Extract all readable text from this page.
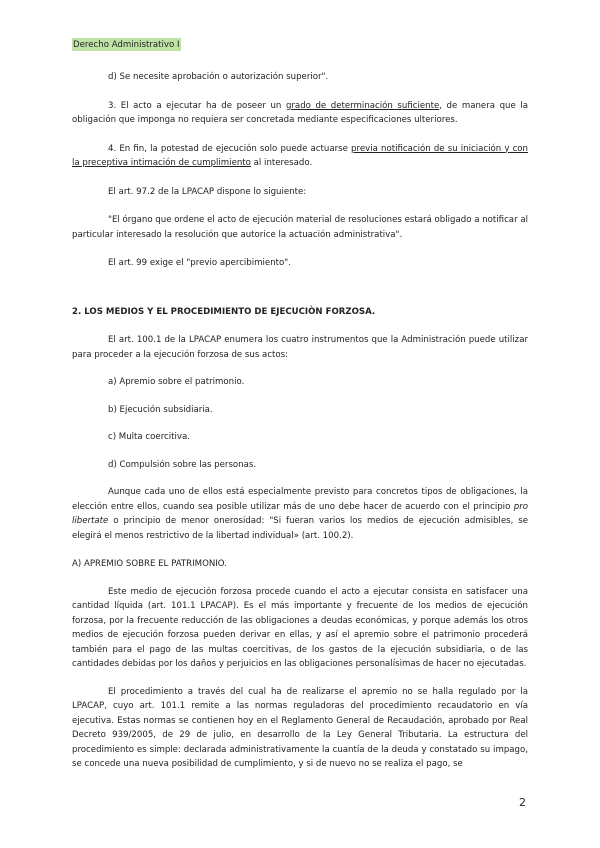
Derecho Administrativo I

d) Se necesite aprobación o autorización superior".

3. El acto a ejecutar ha de poseer un grado de determinación suficiente, de manera que la obligación que imponga no requiera ser concretada mediante especificaciones ulteriores.

4. En fin, la potestad de ejecución solo puede actuarse previa notificación de su iniciación y con la preceptiva intimación de cumplimiento al interesado.

El art. 97.2 de la LPACAP dispone lo siguiente:

"El órgano que ordene el acto de ejecución material de resoluciones estará obligado a notificar al particular interesado la resolución que autorice la actuación administrativa".

El art. 99 exige el "previo apercibimiento".

2. LOS MEDIOS Y EL PROCEDIMIENTO DE EJECUCIÒN FORZOSA.

El art. 100.1 de la LPACAP enumera los cuatro instrumentos que la Administración puede utilizar para proceder a la ejecución forzosa de sus actos:

a) Apremio sobre el patrimonio.

b) Ejecución subsidiaria.

c) Multa coercitiva.

d) Compulsión sobre las personas.

Aunque cada uno de ellos está especialmente previsto para concretos tipos de obligaciones, la elección entre ellos, cuando sea posible utilizar más de uno debe hacer de acuerdo con el principio pro libertate o principio de menor onerosidad: "Si fueran varios los medios de ejecución admisibles, se elegirá el menos restrictivo de la libertad individual» (art. 100.2).

A) APREMIO SOBRE EL PATRIMONIO.

Este medio de ejecución forzosa procede cuando el acto a ejecutar consista en satisfacer una cantidad líquida (art. 101.1 LPACAP). Es el más importante y frecuente de los medios de ejecución forzosa, por la frecuente reducción de las obligaciones a deudas económicas, y porque además los otros medios de ejecución forzosa pueden derivar en ellas, y así el apremio sobre el patrimonio procederá también para el pago de las multas coercitivas, de los gastos de la ejecución subsidiaria, o de las cantidades debidas por los daños y perjuicios en las obligaciones personalísimas de hacer no ejecutadas.

El procedimiento a través del cual ha de realizarse el apremio no se halla regulado por la LPACAP, cuyo art. 101.1 remite a las normas reguladoras del procedimiento recaudatorio en vía ejecutiva. Estas normas se contienen hoy en el Reglamento General de Recaudación, aprobado por Real Decreto 939/2005, de 29 de julio, en desarrollo de la Ley General Tributaria. La estructura del procedimiento es simple: declarada administrativamente la cuantía de la deuda y constatado su impago, se concede una nueva posibilidad de cumplimiento, y si de nuevo no se realiza el pago, se

2
